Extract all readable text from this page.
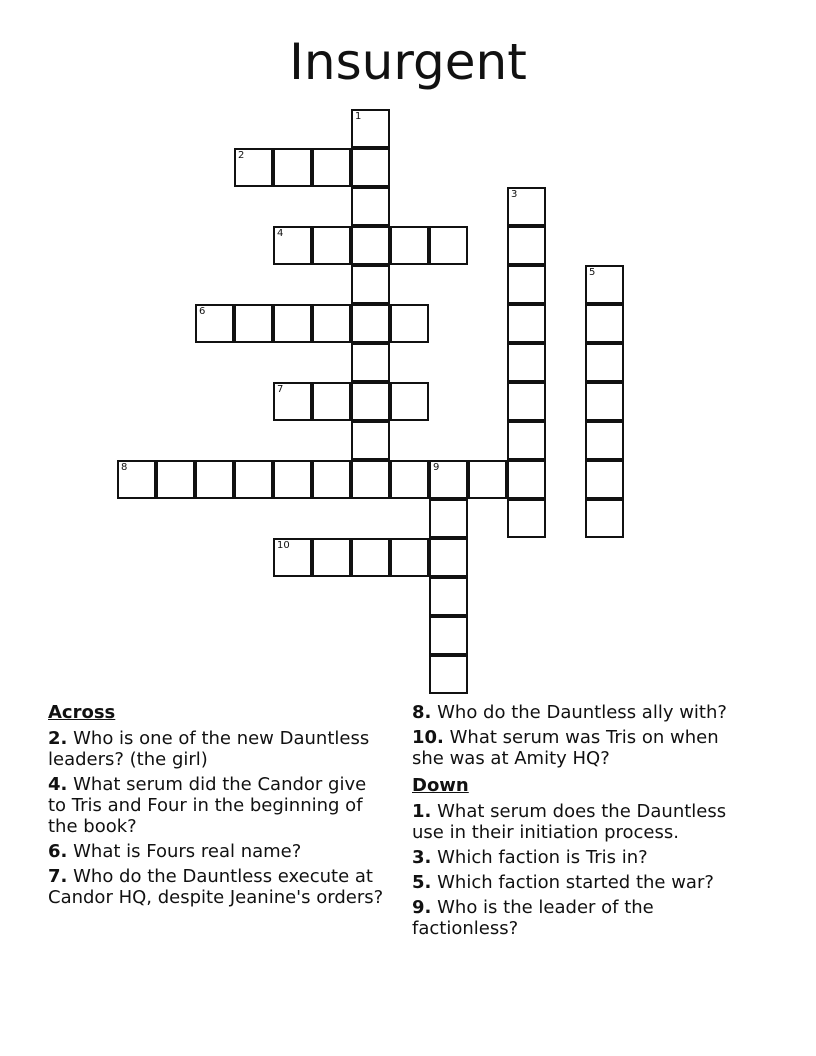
Insurgent
1
2
3
4
5
6
7
8	9
10
Across
2. Who is one of the new Dauntless leaders? (the girl)
4. What serum did the Candor give to Tris and Four in the beginning of the book?
6. What is Fours real name?
7. Who do the Dauntless execute at Candor HQ, despite Jeanine's orders?
8. Who do the Dauntless ally with?
10. What serum was Tris on when she was at Amity HQ?
Down
1. What serum does the Dauntless use in their initiation process.
3. Which faction is Tris in?
5. Which faction started the war?
9. Who is the leader of the factionless?
